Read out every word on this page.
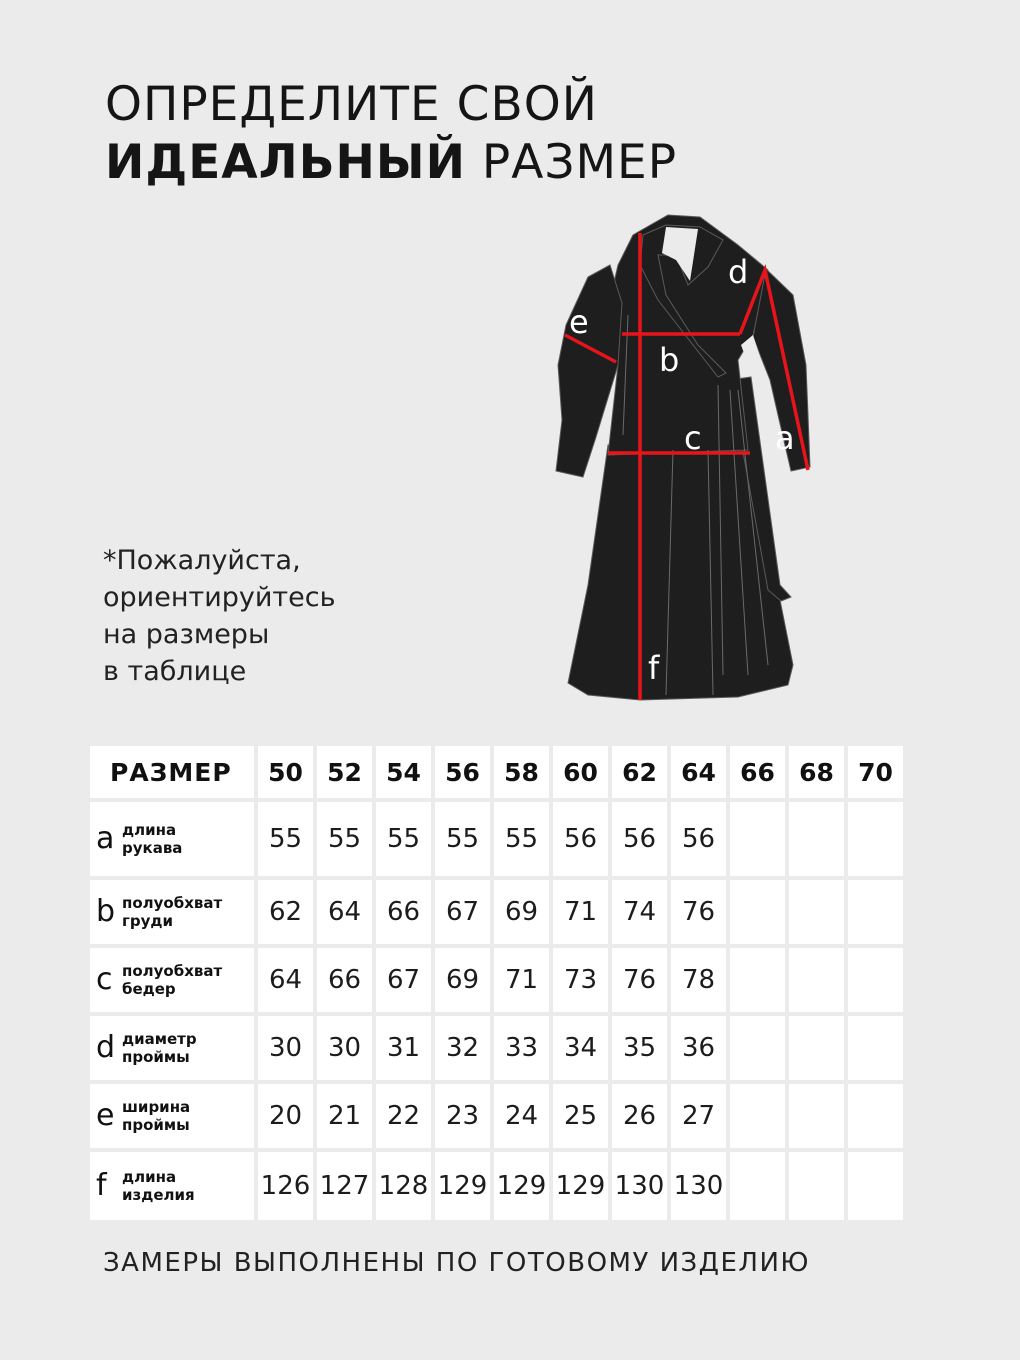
ОПРЕДЕЛИТЕ СВОЙ
ИДЕАЛЬНЫЙ РАЗМЕР
*Пожалуйста,
ориентируйтесь
на размеры
в таблице
d
e
b
c a
f
РАЗМЕР	50	52	54	56	58	60	62	64	66	68	70

a длина
рукава	55	55	55	55	55	56	56	56			

b полуобхват
груди	62	64	66	67	69	71	74	76			

c полуобхват
бедер	64	66	67	69	71	73	76	78			

d диаметр
проймы	30	30	31	32	33	34	35	36			

e ширина
проймы	20	21	22	23	24	25	26	27			

f длина
изделия	126	127	128	129	129	129	130	130			
ЗАМЕРЫ ВЫПОЛНЕНЫ ПО ГОТОВОМУ ИЗДЕЛИЮ
